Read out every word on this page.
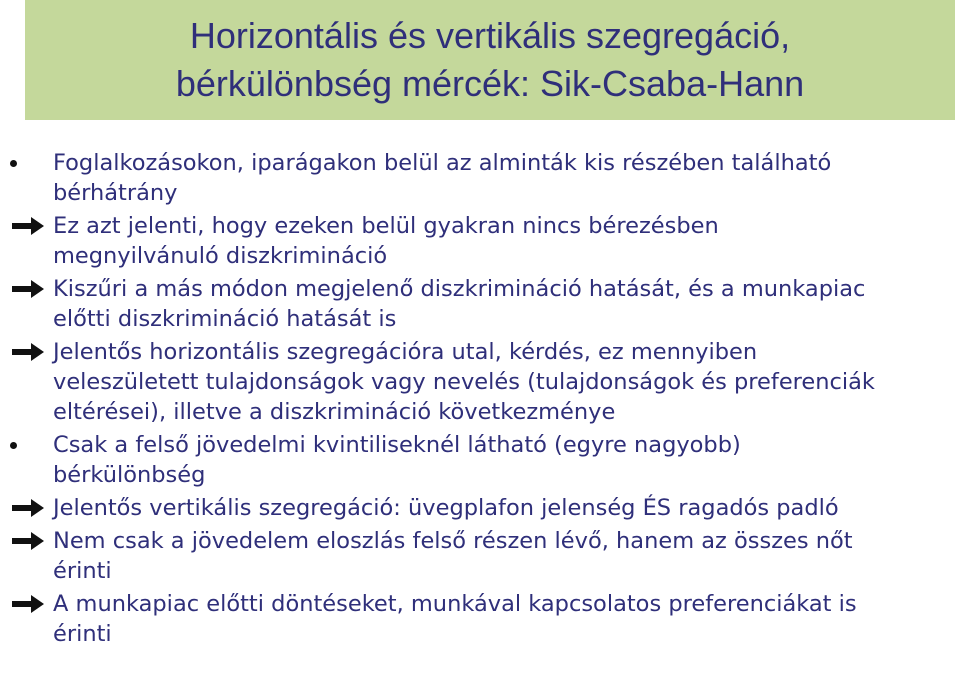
Horizontális és vertikális szegregáció,
bérkülönbség mércék: Sik-Csaba-Hann
Foglalkozásokon, iparágakon belül az alminták kis részében található
bérhátrány
Ez azt jelenti, hogy ezeken belül gyakran nincs bérezésben
megnyilvánuló diszkrimináció
Kiszűri a más módon megjelenő diszkrimináció hatását, és a munkapiac
előtti diszkrimináció hatását is
Jelentős horizontális szegregációra utal, kérdés, ez mennyiben
veleszületett tulajdonságok vagy nevelés (tulajdonságok és preferenciák
eltérései), illetve a diszkrimináció következménye
Csak a felső jövedelmi kvintiliseknél látható (egyre nagyobb)
bérkülönbség
Jelentős vertikális szegregáció: üvegplafon jelenség ÉS ragadós padló
Nem csak a jövedelem eloszlás felső részen lévő, hanem az összes nőt
érinti
A munkapiac előtti döntéseket, munkával kapcsolatos preferenciákat is
érinti
